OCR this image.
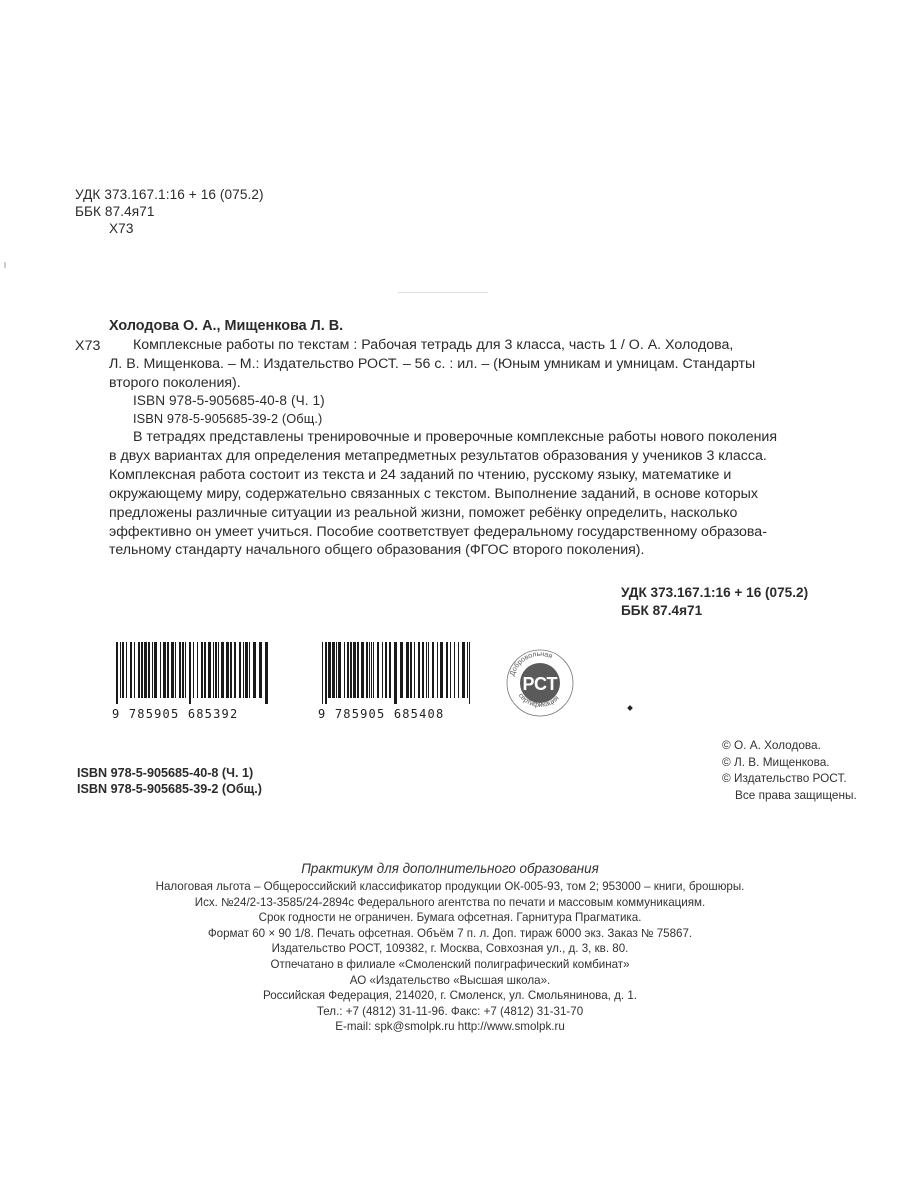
УДК 373.167.1:16 + 16 (075.2)
ББК 87.4я71
Х73
Х73
Холодова О. А., Мищенкова Л. В.
Комплексные работы по текстам : Рабочая тетрадь для 3 класса, часть 1 / О. А. Холодова,
Л. В. Мищенкова. – М.: Издательство РОСТ. – 56 с. : ил. – (Юным умникам и умницам. Стандарты
второго поколения).
ISBN 978-5-905685-40-8 (Ч. 1)
ISBN 978-5-905685-39-2 (Общ.)
В тетрадях представлены тренировочные и проверочные комплексные работы нового поколения
в двух вариантах для определения метапредметных результатов образования у учеников 3 класса.
Комплексная работа состоит из текста и 24 заданий по чтению, русскому языку, математике и
окружающему миру, содержательно связанных с текстом. Выполнение заданий, в основе которых
предложены различные ситуации из реальной жизни, поможет ребёнку определить, насколько
эффективно он умеет учиться. Пособие соответствует федеральному государственному образова-
тельному стандарту начального общего образования (ФГОС второго поколения).
УДК 373.167.1:16 + 16 (075.2)
ББК 87.4я71
9 785905 685392	9 785905 685408
РСТ
Добровольная
сертификация
© О. А. Холодова.
© Л. В. Мищенкова.
© Издательство РОСТ.
Все права защищены.
ISBN 978-5-905685-40-8 (Ч. 1)
ISBN 978-5-905685-39-2 (Общ.)
Практикум для дополнительного образования
Налоговая льгота – Общероссийский классификатор продукции ОК-005-93, том 2; 953000 – книги, брошюры.
Исх. №24/2-13-3585/24-2894с Федерального агентства по печати и массовым коммуникациям.
Срок годности не ограничен. Бумага офсетная. Гарнитура Прагматика.
Формат 60 × 90 1/8. Печать офсетная. Объём 7 п. л. Доп. тираж 6000 экз. Заказ № 75867.
Издательство РОСТ, 109382, г. Москва, Совхозная ул., д. 3, кв. 80.
Отпечатано в филиале «Смоленский полиграфический комбинат»
АО «Издательство «Высшая школа».
Российская Федерация, 214020, г. Смоленск, ул. Смольянинова, д. 1.
Тел.: +7 (4812) 31-11-96. Факс: +7 (4812) 31-31-70
E-mail: spk@smolpk.ru http://www.smolpk.ru
